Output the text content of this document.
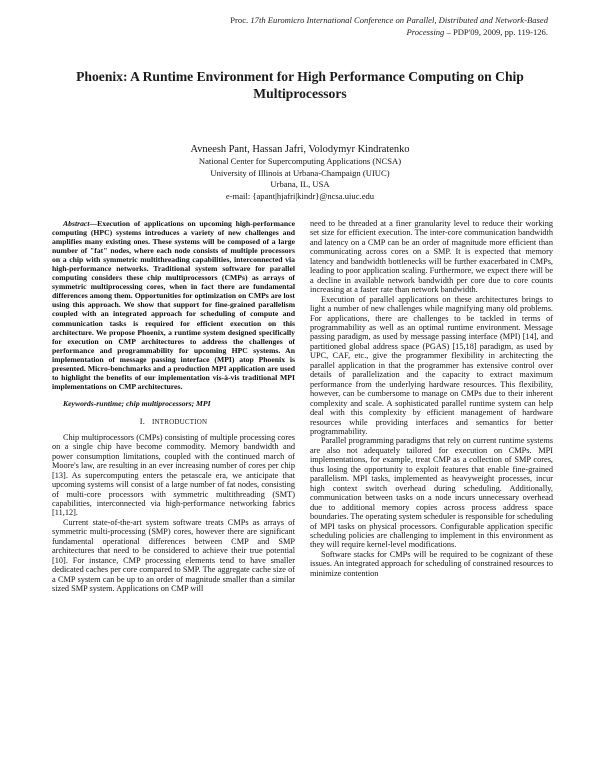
Proc. 17th Euromicro International Conference on Parallel, Distributed and Network-Based Processing – PDP'09, 2009, pp. 119-126.
Phoenix: A Runtime Environment for High Performance Computing on Chip Multiprocessors
Avneesh Pant, Hassan Jafri, Volodymyr Kindratenko
National Center for Supercomputing Applications (NCSA)
University of Illinois at Urbana-Champaign (UIUC)
Urbana, IL, USA
e-mail: {apant|hjafri|kindr}@ncsa.uiuc.edu

Abstract—Execution of applications on upcoming high-performance computing (HPC) systems introduces a variety of new challenges and amplifies many existing ones. These systems will be composed of a large number of "fat" nodes, where each node consists of multiple processors on a chip with symmetric multithreading capabilities, interconnected via high-performance networks. Traditional system software for parallel computing considers these chip multiprocessors (CMPs) as arrays of symmetric multiprocessing cores, when in fact there are fundamental differences among them. Opportunities for optimization on CMPs are lost using this approach. We show that support for fine-grained parallelism coupled with an integrated approach for scheduling of compute and communication tasks is required for efficient execution on this architecture. We propose Phoenix, a runtime system designed specifically for execution on CMP architectures to address the challenges of performance and programmability for upcoming HPC systems. An implementation of message passing interface (MPI) atop Phoenix is presented. Micro-benchmarks and a production MPI application are used to highlight the benefits of our implementation vis-à-vis traditional MPI implementations on CMP architectures.

Keywords-runtime; chip multiprocessors; MPI

I. INTRODUCTION

Chip multiprocessors (CMPs) consisting of multiple processing cores on a single chip have become commodity. Memory bandwidth and power consumption limitations, coupled with the continued march of Moore's law, are resulting in an ever increasing number of cores per chip [13]. As supercomputing enters the petascale era, we anticipate that upcoming systems will consist of a large number of fat nodes, consisting of multi-core processors with symmetric multithreading (SMT) capabilities, interconnected via high-performance networking fabrics [11,12].

Current state-of-the-art system software treats CMPs as arrays of symmetric multi-processing (SMP) cores, however there are significant fundamental operational differences between CMP and SMP architectures that need to be considered to achieve their true potential [10]. For instance, CMP processing elements tend to have smaller dedicated caches per core compared to SMP. The aggregate cache size of a CMP system can be up to an order of magnitude smaller than a similar sized SMP system. Applications on CMP will

need to be threaded at a finer granularity level to reduce their working set size for efficient execution. The inter-core communication bandwidth and latency on a CMP can be an order of magnitude more efficient than communicating across cores on a SMP. It is expected that memory latency and bandwidth bottlenecks will be further exacerbated in CMPs, leading to poor application scaling. Furthermore, we expect there will be a decline in available network bandwidth per core due to core counts increasing at a faster rate than network bandwidth.

Execution of parallel applications on these architectures brings to light a number of new challenges while magnifying many old problems. For applications, there are challenges to be tackled in terms of programmability as well as an optimal runtime environment. Message passing paradigm, as used by message passing interface (MPI) [14], and partitioned global address space (PGAS) [15,18] paradigm, as used by UPC, CAF, etc., give the programmer flexibility in architecting the parallel application in that the programmer has extensive control over details of parallelization and the capacity to extract maximum performance from the underlying hardware resources. This flexibility, however, can be cumbersome to manage on CMPs due to their inherent complexity and scale. A sophisticated parallel runtime system can help deal with this complexity by efficient management of hardware resources while providing interfaces and semantics for better programmability.

Parallel programming paradigms that rely on current runtime systems are also not adequately tailored for execution on CMPs. MPI implementations, for example, treat CMP as a collection of SMP cores, thus losing the opportunity to exploit features that enable fine-grained parallelism. MPI tasks, implemented as heavyweight processes, incur high context switch overhead during scheduling. Additionally, communication between tasks on a node incurs unnecessary overhead due to additional memory copies across process address space boundaries. The operating system scheduler is responsible for scheduling of MPI tasks on physical processors. Configurable application specific scheduling policies are challenging to implement in this environment as they will require kernel-level modifications.

Software stacks for CMPs will be required to be cognizant of these issues. An integrated approach for scheduling of constrained resources to minimize contention
